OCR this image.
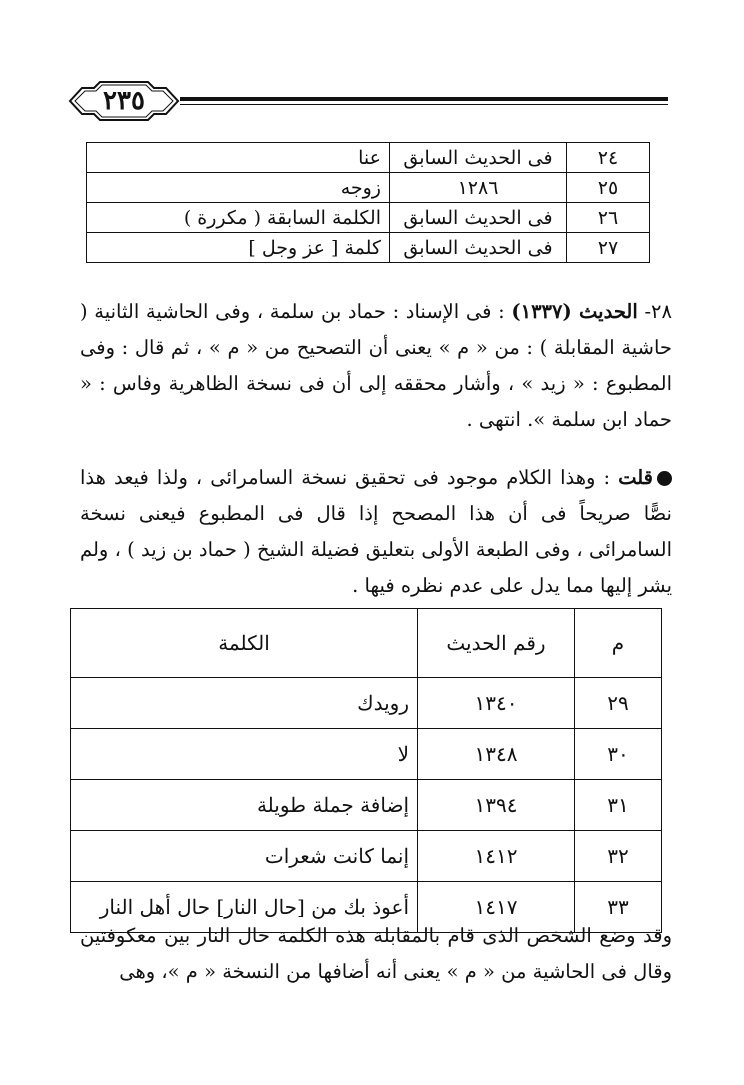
٢٣٥
٢٤	فى الحديث السابق	عنا
٢٥	١٢٨٦	زوجه
٢٦	فى الحديث السابق	الكلمة السابقة ( مكررة )
٢٧	فى الحديث السابق	كلمة [ عز وجل ]
٢٨- الحديث (١٣٣٧) : فى الإسناد : حماد بن سلمة ، وفى الحاشية الثانية ( حاشية المقابلة ) : من « م » يعنى أن التصحيح من « م » ، ثم قال : وفى المطبوع : « زيد » ، وأشار محققه إلى أن فى نسخة الظاهرية وفاس : « حماد ابن سلمة ». انتهى .
قلت : وهذا الكلام موجود فى تحقيق نسخة السامرائى ، ولذا فيعد هذا نصًّا صريحاً فى أن هذا المصحح إذا قال فى المطبوع فيعنى نسخة السامرائى ، وفى الطبعة الأولى بتعليق فضيلة الشيخ ( حماد بن زيد ) ، ولم يشر إليها مما يدل على عدم نظره فيها .
م	رقم الحديث	الكلمة
٢٩	١٣٤٠	رويدك
٣٠	١٣٤٨	لا
٣١	١٣٩٤	إضافة جملة طويلة
٣٢	١٤١٢	إنما كانت شعرات
٣٣	١٤١٧	أعوذ بك من [حال النار] حال أهل النار
وقد وضع الشخص الذى قام بالمقابلة هذه الكلمة حال النار بين معكوفتين وقال فى الحاشية من « م » يعنى أنه أضافها من النسخة « م »، وهى
